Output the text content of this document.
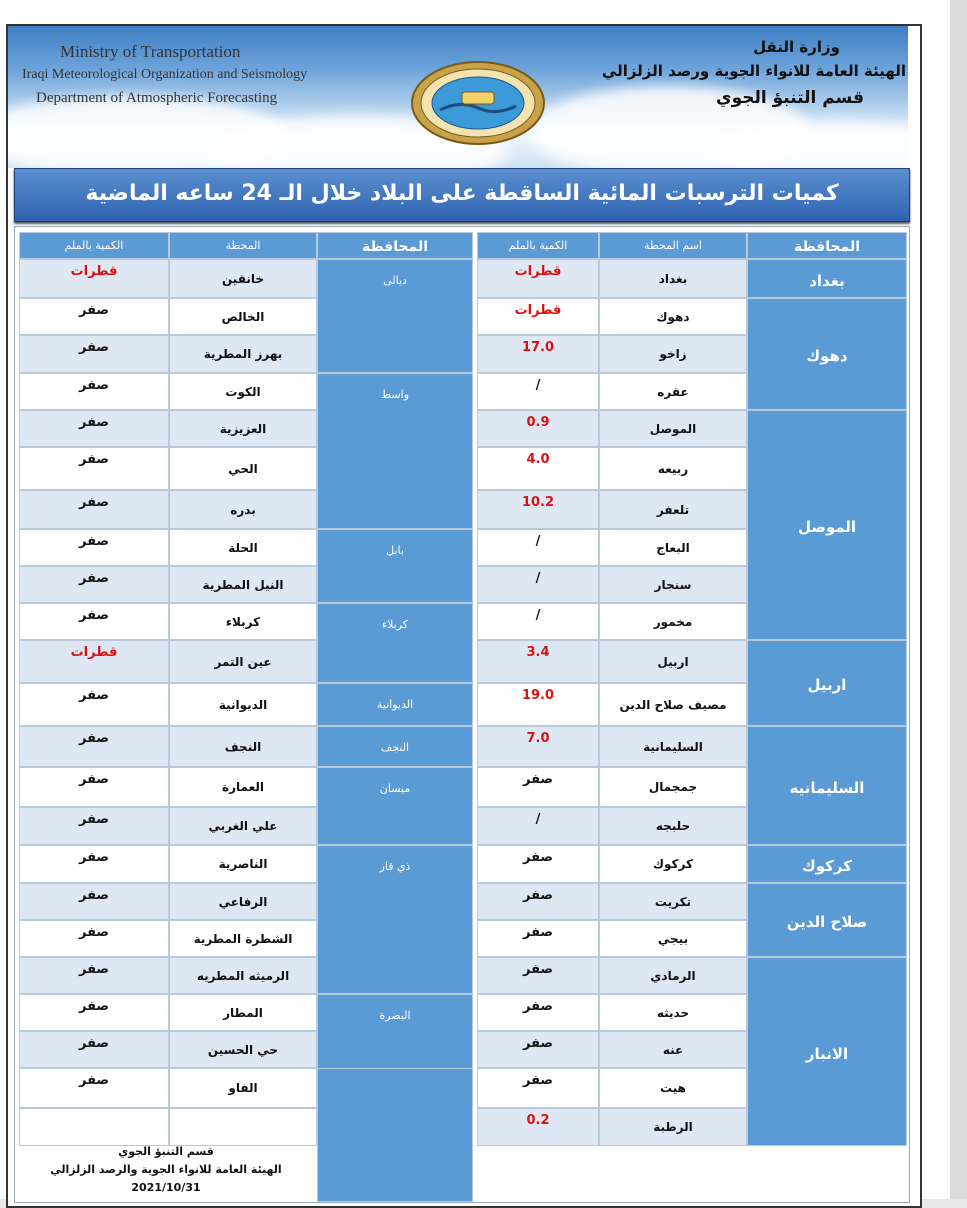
Ministry of Transportation
Iraqi Meteorological Organization and Seismology
Department of Atmospheric Forecasting
وزارة النقل
الهيئة العامة للانواء الجوية ورصد الزلزالي
قسم التنبؤ الجوي
كميات الترسبات المائية الساقطة على البلاد خلال الـ 24 ساعه الماضية
المحافظة
اسم المحطة
الكمية بالملم
المحافظة
المحطة
الكمية بالملم
بغداد
قطرات
دهوك
قطرات
زاخو
17.0
عقره
/
الموصل
0.9
ربيعه
4.0
تلعفر
10.2
البعاج
/
سنجار
/
مخمور
/
اربيل
3.4
مصيف صلاح الدين
19.0
السليمانية
7.0
جمجمال
صفر
حلبجه
/
كركوك
صفر
تكريت
صفر
بيجي
صفر
الرمادي
صفر
حديثه
صفر
عنه
صفر
هيت
صفر
الرطبة
0.2
بغداد
دهوك
الموصل
اربيل
السليمانيه
كركوك
صلاح الدين
الانبار
خانقين
قطرات
الخالص
صفر
بهرز المطرية
صفر
الكوت
صفر
العزيزية
صفر
الحي
صفر
بدره
صفر
الحلة
صفر
النيل المطرية
صفر
كربلاء
صفر
عين التمر
قطرات
الديوانية
صفر
النجف
صفر
العمارة
صفر
علي الغربي
صفر
الناصرية
صفر
الرفاعي
صفر
الشطرة المطرية
صفر
الرميثه المطريه
صفر
المطار
صفر
حي الحسين
صفر
الفاو
صفر
ديالى
واسط
بابل
كربلاء
الديوانية
النجف
ميسان
ذي قار
البصرة
قسم التنبؤ الجوي
الهيئة العامة للانواء الجوية والرصد الزلزالي
2021/10/31
